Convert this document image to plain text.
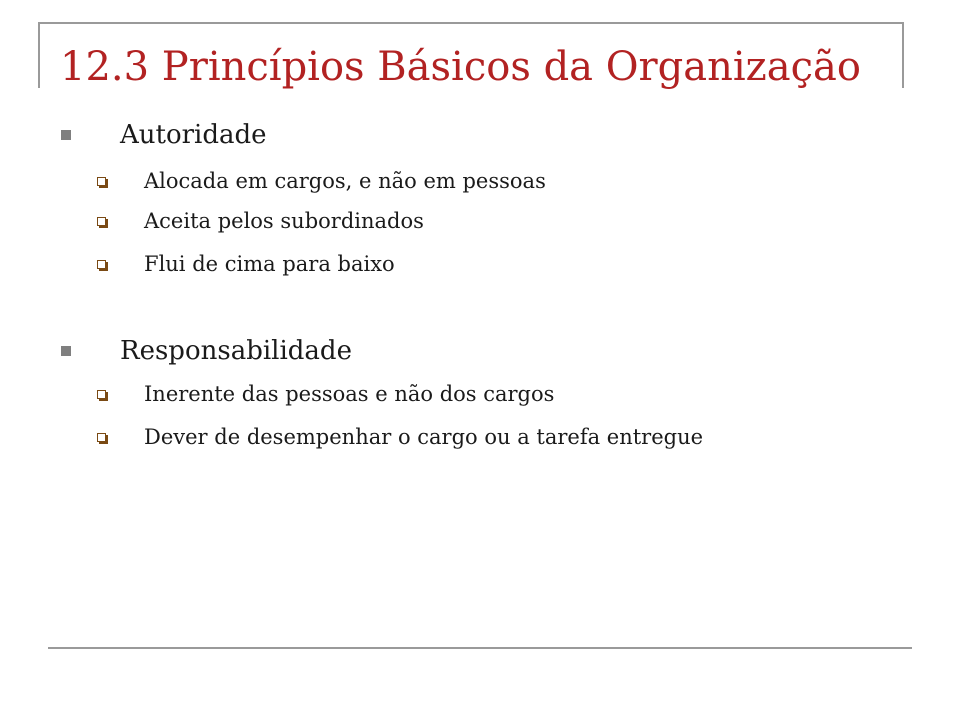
12.3 Princípios Básicos da Organização
Autoridade
Alocada em cargos, e não em pessoas
Aceita pelos subordinados
Flui de cima para baixo
Responsabilidade
Inerente das pessoas e não dos cargos
Dever de desempenhar o cargo ou a tarefa entregue
